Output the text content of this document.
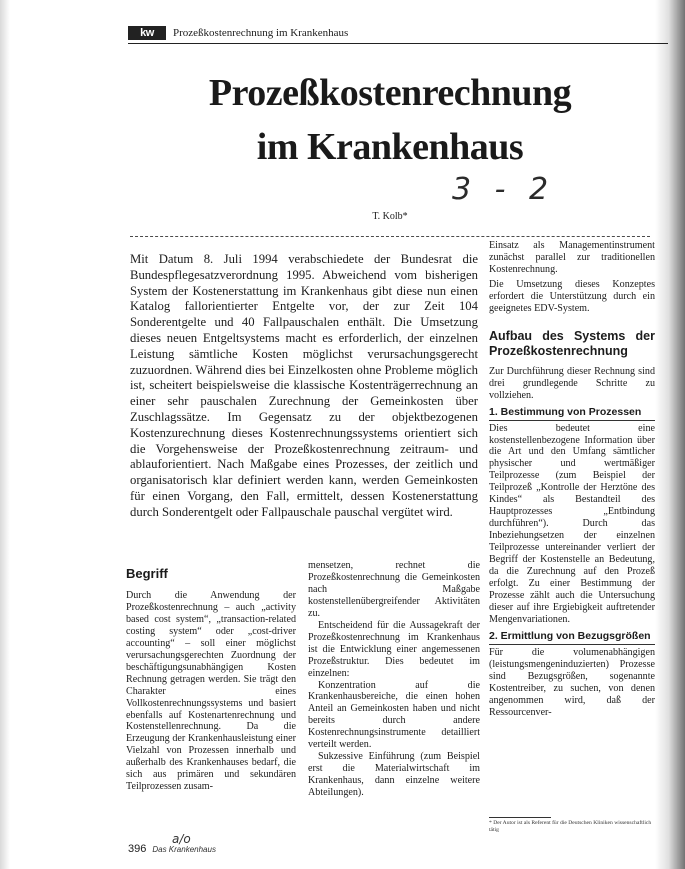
kw	Prozeßkostenrechnung im Krankenhaus
Prozeßkostenrechnung
im Krankenhaus
3 - 2
T. Kolb*

Mit Datum 8. Juli 1994 verabschiedete der Bundesrat die Bundespflegesatzverordnung 1995. Abweichend vom bisherigen System der Kostenerstattung im Krankenhaus gibt diese nun einen Katalog fallorientierter Entgelte vor, der zur Zeit 104 Sonderentgelte und 40 Fallpauschalen enthält. Die Umsetzung dieses neuen Entgeltsystems macht es erforderlich, der einzelnen Leistung sämtliche Kosten möglichst verursachungsgerecht zuzuordnen. Während dies bei Einzelkosten ohne Probleme möglich ist, scheitert beispielsweise die klassische Kostenträgerrechnung an einer sehr pauschalen Zurechnung der Gemeinkosten über Zuschlagssätze. Im Gegensatz zu der objektbezogenen Kostenzurechnung dieses Kostenrechnungssystems orientiert sich die Vorgehensweise der Prozeßkostenrechnung zeitraum- und ablauforientiert. Nach Maßgabe eines Prozesses, der zeitlich und organisatorisch klar definiert werden kann, werden Gemeinkosten für einen Vorgang, den Fall, ermittelt, dessen Kostenerstattung durch Sonderentgelt oder Fallpauschale pauschal vergütet wird.

Begriff

Durch die Anwendung der Prozeßkostenrechnung – auch „activity based cost system“, „transaction-related costing system“ oder „cost-driver accounting“ – soll einer möglichst verursachungsgerechten Zuordnung der beschäftigungsunabhängigen Kosten Rechnung getragen werden. Sie trägt den Charakter eines Vollkostenrechnungssystems und basiert ebenfalls auf Kostenartenrechnung und Kostenstellenrechnung. Da die Erzeugung der Krankenhausleistung einer Vielzahl von Prozessen innerhalb und außerhalb des Krankenhauses bedarf, die sich aus primären und sekundären Teilprozessen zusam-

mensetzen, rechnet die Prozeßkostenrechnung die Gemeinkosten nach Maßgabe kostenstellenübergreifender Aktivitäten zu.

Entscheidend für die Aussagekraft der Prozeßkostenrechnung im Krankenhaus ist die Entwicklung einer angemessenen Prozeßstruktur. Dies bedeutet im einzelnen:

Konzentration auf die Krankenhausbereiche, die einen hohen Anteil an Gemeinkosten haben und nicht bereits durch andere Kostenrechnungsinstrumente detailliert verteilt werden.

Sukzessive Einführung (zum Beispiel erst die Materialwirtschaft im Krankenhaus, dann einzelne weitere Abteilungen).

Einsatz als Managementinstrument zunächst parallel zur traditionellen Kostenrechnung.

Die Umsetzung dieses Konzeptes erfordert die Unterstützung durch ein geeignetes EDV-System.

Aufbau des Systems der Prozeßkostenrechnung

Zur Durchführung dieser Rechnung sind drei grundlegende Schritte zu vollziehen.

1. Bestimmung von Prozessen

Dies bedeutet eine kostenstellenbezogene Information über die Art und den Umfang sämtlicher physischer und wertmäßiger Teilprozesse (zum Beispiel der Teilprozeß „Kontrolle der Herztöne des Kindes“ als Bestandteil des Hauptprozesses „Entbindung durchführen“). Durch das Inbeziehungsetzen der einzelnen Teilprozesse untereinander verliert der Begriff der Kostenstelle an Bedeutung, da die Zurechnung auf den Prozeß erfolgt. Zu einer Bestimmung der Prozesse zählt auch die Untersuchung dieser auf ihre Ergiebigkeit auftretender Mengenvariationen.

2. Ermittlung von Bezugsgrößen

Für die volumenabhängigen (leistungsmengeninduzierten) Prozesse sind Bezugsgrößen, sogenannte Kostentreiber, zu suchen, von denen angenommen wird, daß der Ressourcenver-

* Der Autor ist als Referent für die Deutschen Kliniken wissenschaftlich tätig
a/o
396 Das Krankenhaus
